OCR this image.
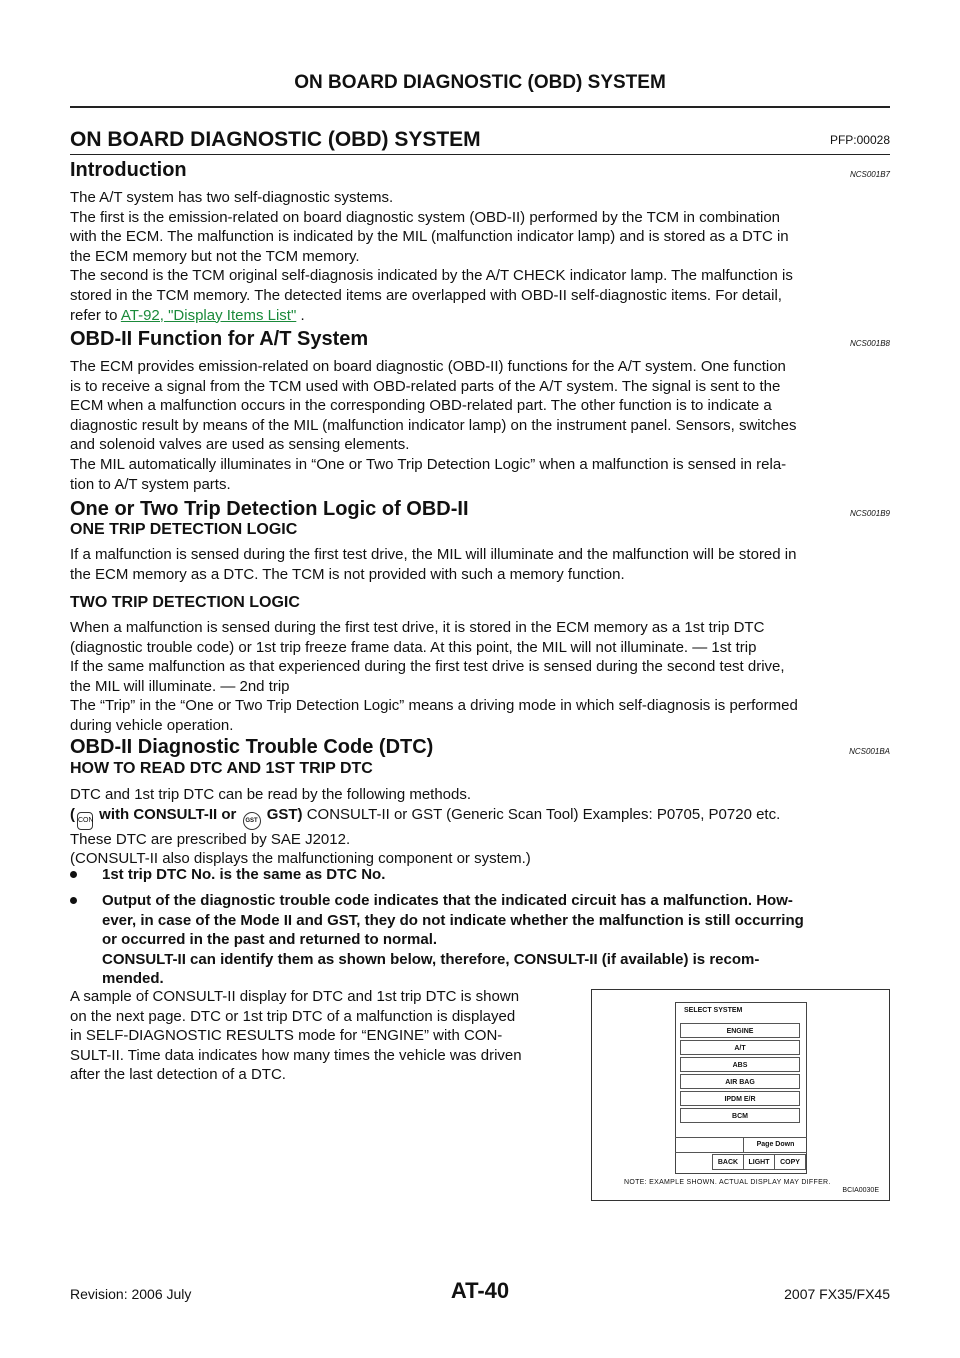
ON BOARD DIAGNOSTIC (OBD) SYSTEM
ON BOARD DIAGNOSTIC (OBD) SYSTEM	PFP:00028
Introduction	NCS001B7
The A/T system has two self-diagnostic systems.
The first is the emission-related on board diagnostic system (OBD-II) performed by the TCM in combination
with the ECM. The malfunction is indicated by the MIL (malfunction indicator lamp) and is stored as a DTC in
the ECM memory but not the TCM memory.
The second is the TCM original self-diagnosis indicated by the A/T CHECK indicator lamp. The malfunction is
stored in the TCM memory. The detected items are overlapped with OBD-II self-diagnostic items. For detail,
refer to AT-92, "Display Items List" .
OBD-II Function for A/T System	NCS001B8
The ECM provides emission-related on board diagnostic (OBD-II) functions for the A/T system. One function
is to receive a signal from the TCM used with OBD-related parts of the A/T system. The signal is sent to the
ECM when a malfunction occurs in the corresponding OBD-related part. The other function is to indicate a
diagnostic result by means of the MIL (malfunction indicator lamp) on the instrument panel. Sensors, switches
and solenoid valves are used as sensing elements.
The MIL automatically illuminates in “One or Two Trip Detection Logic” when a malfunction is sensed in rela-
tion to A/T system parts.
One or Two Trip Detection Logic of OBD-II	NCS001B9
ONE TRIP DETECTION LOGIC
If a malfunction is sensed during the first test drive, the MIL will illuminate and the malfunction will be stored in
the ECM memory as a DTC. The TCM is not provided with such a memory function.
TWO TRIP DETECTION LOGIC
When a malfunction is sensed during the first test drive, it is stored in the ECM memory as a 1st trip DTC
(diagnostic trouble code) or 1st trip freeze frame data. At this point, the MIL will not illuminate. — 1st trip
If the same malfunction as that experienced during the first test drive is sensed during the second test drive,
the MIL will illuminate. — 2nd trip
The “Trip” in the “One or Two Trip Detection Logic” means a driving mode in which self-diagnosis is performed
during vehicle operation.
OBD-II Diagnostic Trouble Code (DTC)	NCS001BA
HOW TO READ DTC AND 1ST TRIP DTC
DTC and 1st trip DTC can be read by the following methods.
( CON with CONSULT-II or GST GST) CONSULT-II or GST (Generic Scan Tool) Examples: P0705, P0720 etc.
These DTC are prescribed by SAE J2012.
(CONSULT-II also displays the malfunctioning component or system.)
1st trip DTC No. is the same as DTC No.
Output of the diagnostic trouble code indicates that the indicated circuit has a malfunction. How-
ever, in case of the Mode II and GST, they do not indicate whether the malfunction is still occurring
or occurred in the past and returned to normal.
CONSULT-II can identify them as shown below, therefore, CONSULT-II (if available) is recom-
mended.
A sample of CONSULT-II display for DTC and 1st trip DTC is shown
on the next page. DTC or 1st trip DTC of a malfunction is displayed
in SELF-DIAGNOSTIC RESULTS mode for “ENGINE” with CON-
SULT-II. Time data indicates how many times the vehicle was driven
after the last detection of a DTC.
SELECT SYSTEM
ENGINE
A/T
ABS
AIR BAG
IPDM E/R
BCM
Page Down
BACK	LIGHT	COPY
NOTE: EXAMPLE SHOWN. ACTUAL DISPLAY MAY DIFFER.
BCIA0030E
Revision: 2006 July	AT-40	2007 FX35/FX45
